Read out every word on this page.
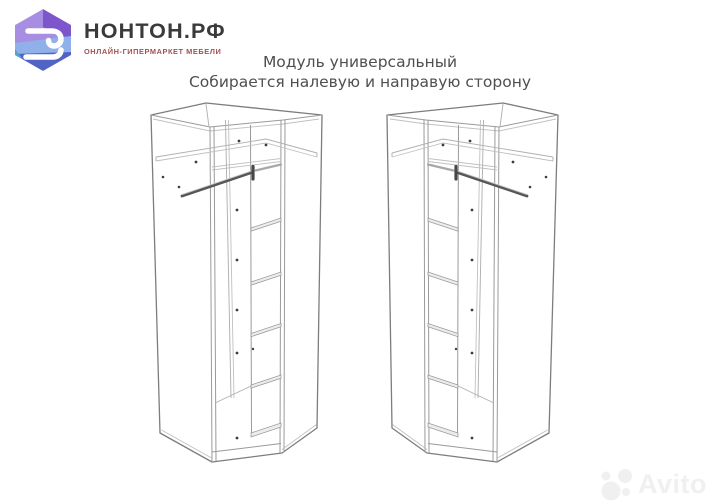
НОНТОН.РФ
ОНЛАЙН-ГИПЕРМАРКЕТ МЕБЕЛИ
Модуль универсальный
Собирается налевую и направую сторону
Avito
